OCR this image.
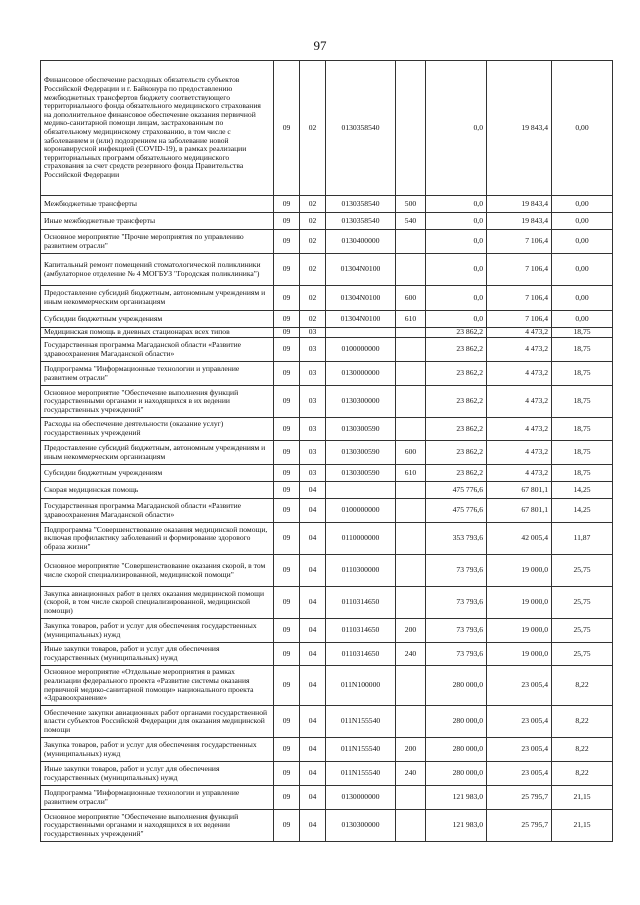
97
Финансовое обеспечение расходных обязательств субъектов Российской Федерации и г. Байконура по предоставлению межбюджетных трансфертов бюджету соответствующего территориального фонда обязательного медицинского страхования на дополнительное финансовое обеспечение оказания первичной медико-санитарной помощи лицам, застрахованным по обязательному медицинскому страхованию, в том числе с заболеванием и (или) подозрением на заболевание новой коронавирусной инфекцией (COVID-19), в рамках реализации территориальных программ обязательного медицинского страхования за счет средств резервного фонда Правительства Российской Федерации	09	02	0130358540		0,0	19 843,4	0,00
Межбюджетные трансферты	09	02	0130358540	500	0,0	19 843,4	0,00
Иные межбюджетные трансферты	09	02	0130358540	540	0,0	19 843,4	0,00
Основное мероприятие "Прочие мероприятия по управлению развитием отрасли"	09	02	0130400000		0,0	7 106,4	0,00
Капитальный ремонт помещений стоматологической поликлиники (амбулаторное отделение № 4 МОГБУЗ "Городская поликлиника")	09	02	01304N0100		0,0	7 106,4	0,00
Предоставление субсидий бюджетным, автономным учреждениям и иным некоммерческим организациям	09	02	01304N0100	600	0,0	7 106,4	0,00
Субсидии бюджетным учреждениям	09	02	01304N0100	610	0,0	7 106,4	0,00
Медицинская помощь в дневных стационарах всех типов	09	03			23 862,2	4 473,2	18,75
Государственная программа Магаданской области «Развитие здравоохранения Магаданской области»	09	03	0100000000		23 862,2	4 473,2	18,75
Подпрограмма "Информационные технологии и управление развитием отрасли"	09	03	0130000000		23 862,2	4 473,2	18,75
Основное мероприятие "Обеспечение выполнения функций государственными органами и находящихся в их ведении государственных учреждений"	09	03	0130300000		23 862,2	4 473,2	18,75
Расходы на обеспечение деятельности (оказание услуг) государственных учреждений	09	03	0130300590		23 862,2	4 473,2	18,75
Предоставление субсидий бюджетным, автономным учреждениям и иным некоммерческим организациям	09	03	0130300590	600	23 862,2	4 473,2	18,75
Субсидии бюджетным учреждениям	09	03	0130300590	610	23 862,2	4 473,2	18,75
Скорая медицинская помощь	09	04			475 776,6	67 801,1	14,25
Государственная программа Магаданской области «Развитие здравоохранения Магаданской области»	09	04	0100000000		475 776,6	67 801,1	14,25
Подпрограмма "Совершенствование оказания медицинской помощи, включая профилактику заболеваний и формирование здорового образа жизни"	09	04	0110000000		353 793,6	42 005,4	11,87
Основное мероприятие "Совершенствование оказания скорой, в том числе скорой специализированной, медицинской помощи"	09	04	0110300000		73 793,6	19 000,0	25,75
Закупка авиационных работ в целях оказания медицинской помощи (скорой, в том числе скорой специализированной, медицинской помощи)	09	04	0110314650		73 793,6	19 000,0	25,75
Закупка товаров, работ и услуг для обеспечения государственных (муниципальных) нужд	09	04	0110314650	200	73 793,6	19 000,0	25,75
Иные закупки товаров, работ и услуг для обеспечения государственных (муниципальных) нужд	09	04	0110314650	240	73 793,6	19 000,0	25,75
Основное мероприятие «Отдельные мероприятия в рамках реализации федерального проекта «Развитие системы оказания первичной медико-санитарной помощи» национального проекта «Здравоохранение»	09	04	011N100000		280 000,0	23 005,4	8,22
Обеспечение закупки авиационных работ органами государственной власти субъектов Российской Федерации для оказания медицинской помощи	09	04	011N155540		280 000,0	23 005,4	8,22
Закупка товаров, работ и услуг для обеспечения государственных (муниципальных) нужд	09	04	011N155540	200	280 000,0	23 005,4	8,22
Иные закупки товаров, работ и услуг для обеспечения государственных (муниципальных) нужд	09	04	011N155540	240	280 000,0	23 005,4	8,22
Подпрограмма "Информационные технологии и управление развитием отрасли"	09	04	0130000000		121 983,0	25 795,7	21,15
Основное мероприятие "Обеспечение выполнения функций государственными органами и находящихся в их ведении государственных учреждений"	09	04	0130300000		121 983,0	25 795,7	21,15
